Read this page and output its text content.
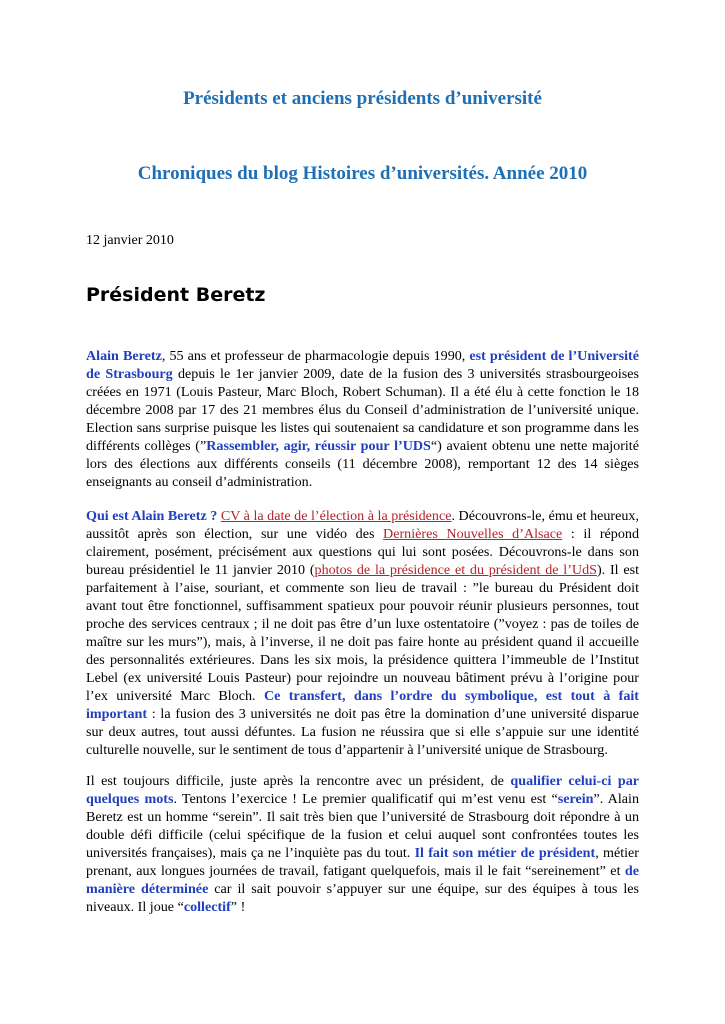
Présidents et anciens présidents d’université
Chroniques du blog Histoires d’universités. Année 2010
12 janvier 2010
Président Beretz

Alain Beretz, 55 ans et professeur de pharmacologie depuis 1990, est président de l’Université de Strasbourg depuis le 1er janvier 2009, date de la fusion des 3 universités strasbourgeoises créées en 1971 (Louis Pasteur, Marc Bloch, Robert Schuman). Il a été élu à cette fonction le 18 décembre 2008 par 17 des 21 membres élus du Conseil d’administration de l’université unique. Election sans surprise puisque les listes qui soutenaient sa candidature et son programme dans les différents collèges (”Rassembler, agir, réussir pour l’UDS“) avaient obtenu une nette majorité lors des élections aux différents conseils (11 décembre 2008), remportant 12 des 14 sièges enseignants au conseil d’administration.

Qui est Alain Beretz ? CV à la date de l’élection à la présidence. Découvrons-le, ému et heureux, aussitôt après son élection, sur une vidéo des Dernières Nouvelles d’Alsace : il répond clairement, posément, précisément aux questions qui lui sont posées. Découvrons-le dans son bureau présidentiel le 11 janvier 2010 (photos de la présidence et du président de l’UdS). Il est parfaitement à l’aise, souriant, et commente son lieu de travail : ”le bureau du Président doit avant tout être fonctionnel, suffisamment spatieux pour pouvoir réunir plusieurs personnes, tout proche des services centraux ; il ne doit pas être d’un luxe ostentatoire (”voyez : pas de toiles de maître sur les murs”), mais, à l’inverse, il ne doit pas faire honte au président quand il accueille des personnalités extérieures. Dans les six mois, la présidence quittera l’immeuble de l’Institut Lebel (ex université Louis Pasteur) pour rejoindre un nouveau bâtiment prévu à l’origine pour l’ex université Marc Bloch. Ce transfert, dans l’ordre du symbolique, est tout à fait important : la fusion des 3 universités ne doit pas être la domination d’une université disparue sur deux autres, tout aussi défuntes. La fusion ne réussira que si elle s’appuie sur une identité culturelle nouvelle, sur le sentiment de tous d’appartenir à l’université unique de Strasbourg.

Il est toujours difficile, juste après la rencontre avec un président, de qualifier celui-ci par quelques mots. Tentons l’exercice ! Le premier qualificatif qui m’est venu est “serein”. Alain Beretz est un homme “serein”. Il sait très bien que l’université de Strasbourg doit répondre à un double défi difficile (celui spécifique de la fusion et celui auquel sont confrontées toutes les universités françaises), mais ça ne l’inquiète pas du tout. Il fait son métier de président, métier prenant, aux longues journées de travail, fatigant quelquefois, mais il le fait “sereinement” et de manière déterminée car il sait pouvoir s’appuyer sur une équipe, sur des équipes à tous les niveaux. Il joue “collectif” !
